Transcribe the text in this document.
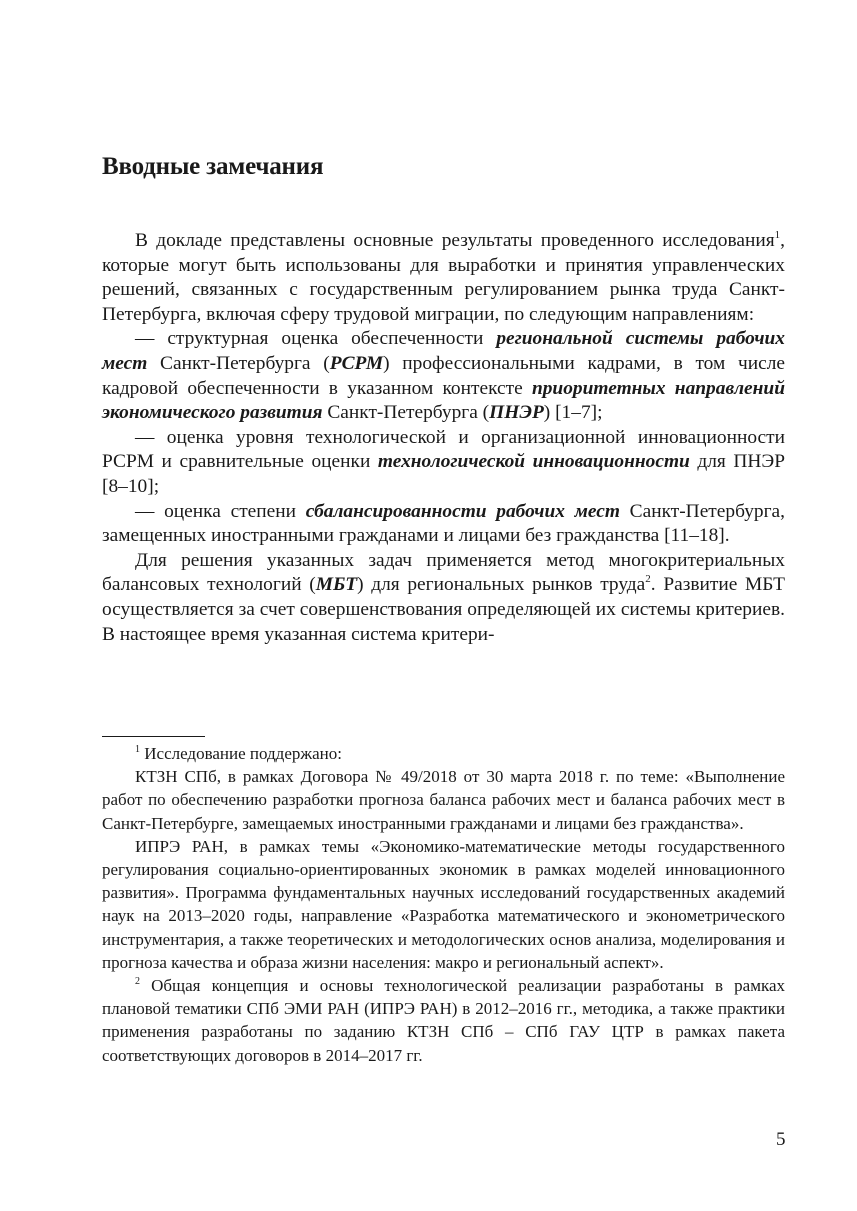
Вводные замечания

В докладе представлены основные результаты проведенного исследования$^1$, которые могут быть использованы для выработки и принятия управленческих решений, связанных с государственным регулированием рынка труда Санкт-Петербурга, включая сферу трудовой миграции, по следующим направлениям:

— структурная оценка обеспеченности региональной системы рабочих мест Санкт-Петербурга (РСРМ) профессиональными кадрами, в том числе кадровой обеспеченности в указанном контексте приоритетных направлений экономического развития Санкт-Петербурга (ПНЭР) [1–7];

— оценка уровня технологической и организационной инновационности РСРМ и сравнительные оценки технологической инновационности для ПНЭР [8–10];

— оценка степени сбалансированности рабочих мест Санкт-Петербурга, замещенных иностранными гражданами и лицами без гражданства [11–18].

Для решения указанных задач применяется метод многокритериальных балансовых технологий (МБТ) для региональных рынков труда$^2$. Развитие МБТ осуществляется за счет совершенствования определяющей их системы критериев. В настоящее время указанная система критери-

$^1$ Исследование поддержано:

КТЗН СПб, в рамках Договора № 49/2018 от 30 марта 2018 г. по теме: «Выполнение работ по обеспечению разработки прогноза баланса рабочих мест и баланса рабочих мест в Санкт-Петербурге, замещаемых иностранными гражданами и лицами без гражданства».

ИПРЭ РАН, в рамках темы «Экономико-математические методы государственного регулирования социально-ориентированных экономик в рамках моделей инновационного развития». Программа фундаментальных научных исследований государственных академий наук на 2013–2020 годы, направление «Разработка математического и эконометрического инструментария, а также теоретических и методологических основ анализа, моделирования и прогноза качества и образа жизни населения: макро и региональный аспект».

$^2$ Общая концепция и основы технологической реализации разработаны в рамках плановой тематики СПб ЭМИ РАН (ИПРЭ РАН) в 2012–2016 гг., методика, а также практики применения разработаны по заданию КТЗН СПб – СПб ГАУ ЦТР в рамках пакета соответствующих договоров в 2014–2017 гг.

5
